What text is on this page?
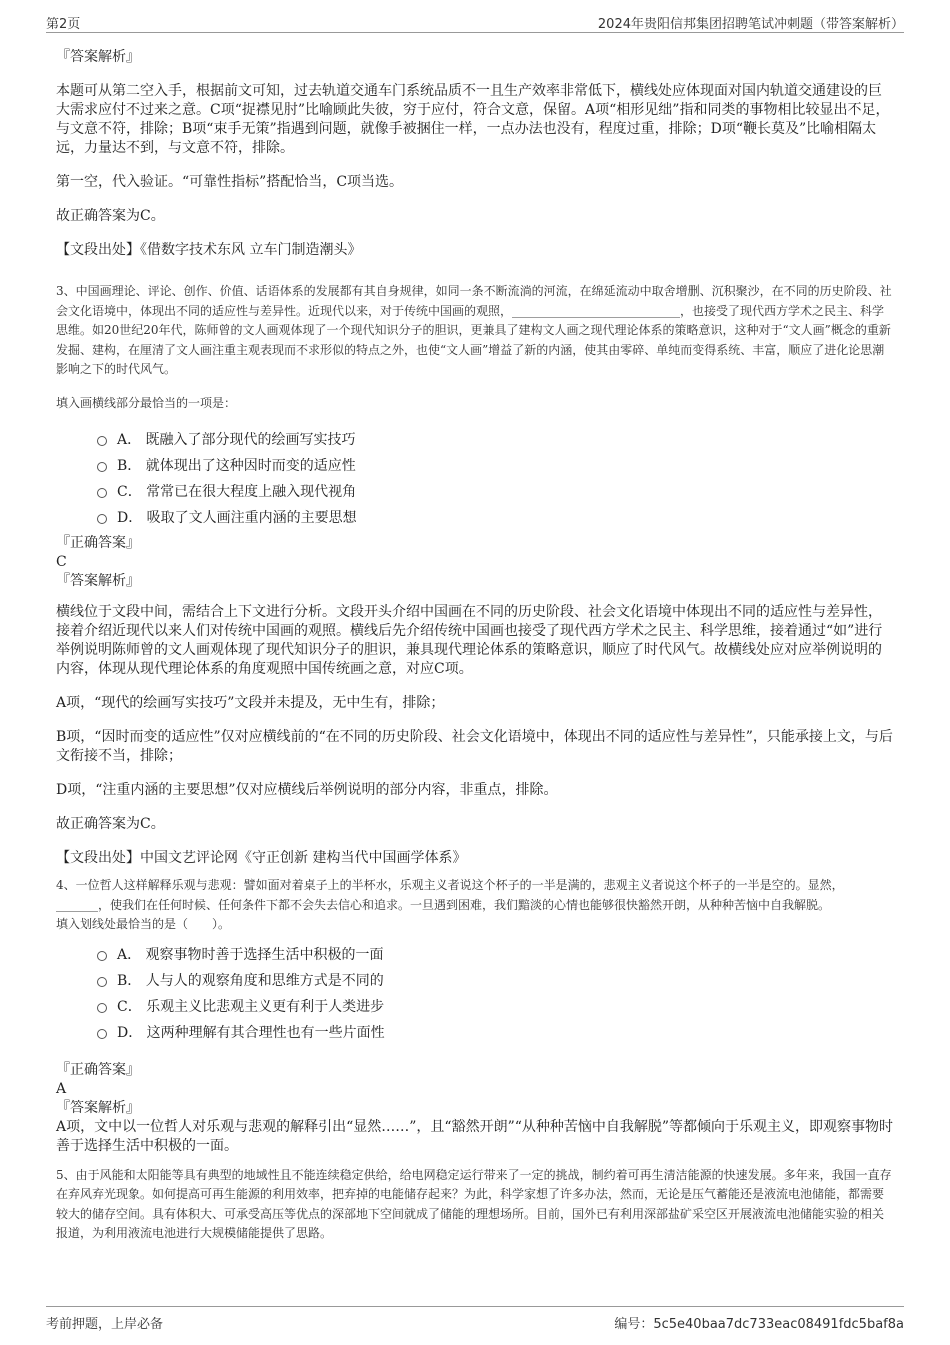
第2页	2024年贵阳信邦集团招聘笔试冲刺题（带答案解析）

『答案解析』

本题可从第二空入手，根据前文可知，过去轨道交通车门系统品质不一且生产效率非常低下，横线处应体现面对国内轨道交通建设的巨大需求应付不过来之意。C项“捉襟见肘”比喻顾此失彼，穷于应付，符合文意，保留。A项“相形见绌”指和同类的事物相比较显出不足，与文意不符，排除；B项“束手无策”指遇到问题，就像手被捆住一样，一点办法也没有，程度过重，排除；D项“鞭长莫及”比喻相隔太远，力量达不到，与文意不符，排除。

第一空，代入验证。“可靠性指标”搭配恰当，C项当选。

故正确答案为C。

【文段出处】《借数字技术东风 立车门制造潮头》

3、中国画理论、评论、创作、价值、话语体系的发展都有其自身规律，如同一条不断流淌的河流，在绵延流动中取舍增删、沉积聚沙，在不同的历史阶段、社会文化语境中，体现出不同的适应性与差异性。近现代以来，对于传统中国画的观照，____________________________，也接受了现代西方学术之民主、科学思维。如20世纪20年代，陈师曾的文人画观体现了一个现代知识分子的胆识，更兼具了建构文人画之现代理论体系的策略意识，这种对于“文人画”概念的重新发掘、建构，在厘清了文人画注重主观表现而不求形似的特点之外，也使“文人画”增益了新的内涵，使其由零碎、单纯而变得系统、丰富，顺应了进化论思潮影响之下的时代风气。

填入画横线部分最恰当的一项是：

A． 既融入了部分现代的绘画写实技巧
B． 就体现出了这种因时而变的适应性
C． 常常已在很大程度上融入现代视角
D． 吸取了文人画注重内涵的主要思想

『正确答案』

C

『答案解析』

横线位于文段中间，需结合上下文进行分析。文段开头介绍中国画在不同的历史阶段、社会文化语境中体现出不同的适应性与差异性，接着介绍近现代以来人们对传统中国画的观照。横线后先介绍传统中国画也接受了现代西方学术之民主、科学思维，接着通过“如”进行举例说明陈师曾的文人画观体现了现代知识分子的胆识，兼具现代理论体系的策略意识，顺应了时代风气。故横线处应对应举例说明的内容，体现从现代理论体系的角度观照中国传统画之意，对应C项。

A项，“现代的绘画写实技巧”文段并未提及，无中生有，排除；

B项，“因时而变的适应性”仅对应横线前的“在不同的历史阶段、社会文化语境中，体现出不同的适应性与差异性”，只能承接上文，与后文衔接不当，排除；

D项，“注重内涵的主要思想”仅对应横线后举例说明的部分内容，非重点，排除。

故正确答案为C。

【文段出处】中国文艺评论网《守正创新 建构当代中国画学体系》

4、一位哲人这样解释乐观与悲观：譬如面对着桌子上的半杯水，乐观主义者说这个杯子的一半是满的，悲观主义者说这个杯子的一半是空的。显然，_______，使我们在任何时候、任何条件下都不会失去信心和追求。一旦遇到困难，我们黯淡的心情也能够很快豁然开朗，从种种苦恼中自我解脱。

填入划线处最恰当的是（　　）。

A． 观察事物时善于选择生活中积极的一面
B． 人与人的观察角度和思维方式是不同的
C． 乐观主义比悲观主义更有利于人类进步
D． 这两种理解有其合理性也有一些片面性

『正确答案』

A

『答案解析』

A项，文中以一位哲人对乐观与悲观的解释引出“显然……”，且“豁然开朗”“从种种苦恼中自我解脱”等都倾向于乐观主义，即观察事物时善于选择生活中积极的一面。

5、由于风能和太阳能等具有典型的地域性且不能连续稳定供给，给电网稳定运行带来了一定的挑战，制约着可再生清洁能源的快速发展。多年来，我国一直存在弃风弃光现象。如何提高可再生能源的利用效率，把弃掉的电能储存起来？为此，科学家想了许多办法，然而，无论是压气蓄能还是液流电池储能，都需要较大的储存空间。具有体积大、可承受高压等优点的深部地下空间就成了储能的理想场所。目前，国外已有利用深部盐矿采空区开展液流电池储能实验的相关报道，为利用液流电池进行大规模储能提供了思路。

考前押题，上岸必备	编号：5c5e40baa7dc733eac08491fdc5baf8a
